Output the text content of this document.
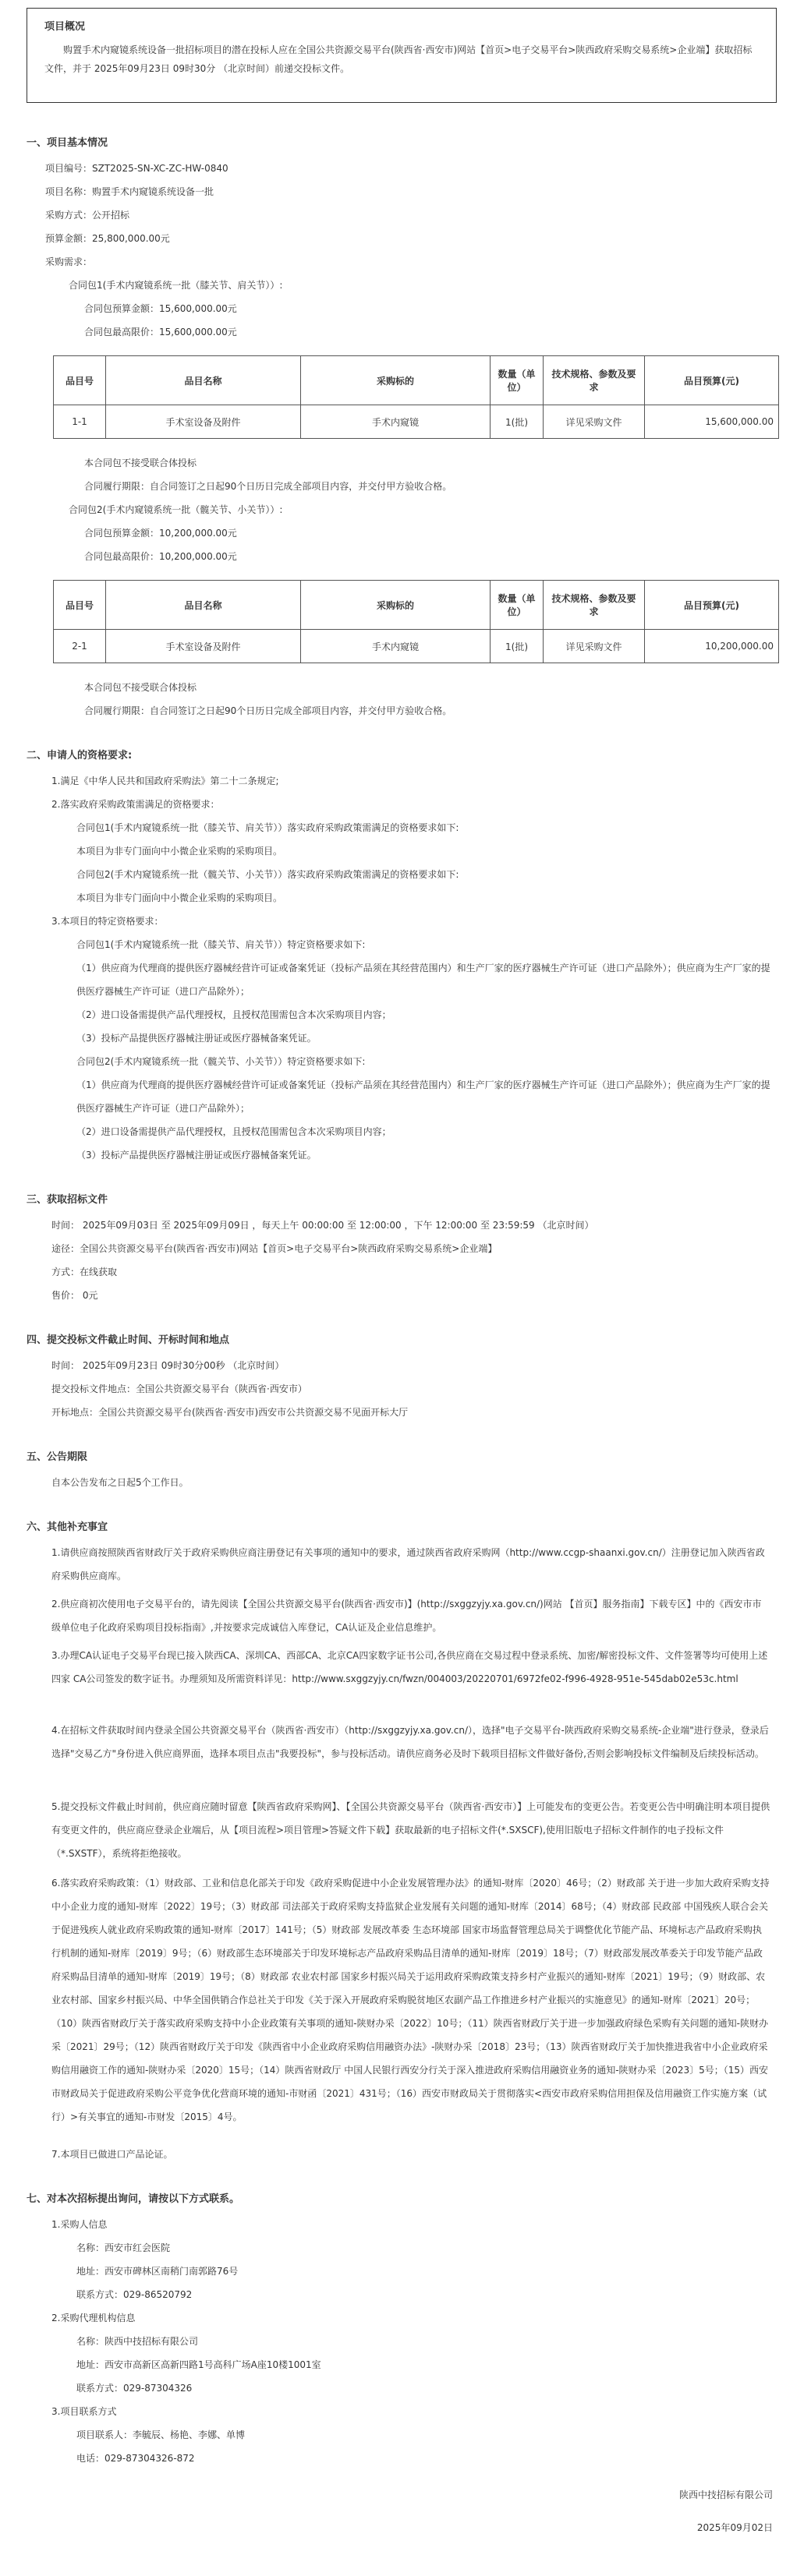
项目概况

购置手术内窥镜系统设备一批招标项目的潜在投标人应在全国公共资源交易平台(陕西省·西安市)网站【首页>电子交易平台>陕西政府采购交易系统>企业端】获取招标文件，并于 2025年09月23日 09时30分 （北京时间）前递交投标文件。

一、项目基本情况
项目编号：SZT2025-SN-XC-ZC-HW-0840
项目名称：购置手术内窥镜系统设备一批
采购方式：公开招标
预算金额：25,800,000.00元
采购需求：
合同包1(手术内窥镜系统一批（膝关节、肩关节））:
合同包预算金额：15,600,000.00元
合同包最高限价：15,600,000.00元
品目号	品目名称	采购标的	数量（单位）	技术规格、参数及要求	品目预算(元)
1-1	手术室设备及附件	手术内窥镜	1(批)	详见采购文件	15,600,000.00
本合同包不接受联合体投标
合同履行期限：自合同签订之日起90个日历日完成全部项目内容，并交付甲方验收合格。
合同包2(手术内窥镜系统一批（髋关节、小关节））:
合同包预算金额：10,200,000.00元
合同包最高限价：10,200,000.00元
品目号	品目名称	采购标的	数量（单位）	技术规格、参数及要求	品目预算(元)
2-1	手术室设备及附件	手术内窥镜	1(批)	详见采购文件	10,200,000.00
本合同包不接受联合体投标
合同履行期限：自合同签订之日起90个日历日完成全部项目内容，并交付甲方验收合格。
二、申请人的资格要求:
1.满足《中华人民共和国政府采购法》第二十二条规定;
2.落实政府采购政策需满足的资格要求：
合同包1(手术内窥镜系统一批（膝关节、肩关节））落实政府采购政策需满足的资格要求如下:
本项目为非专门面向中小微企业采购的采购项目。
合同包2(手术内窥镜系统一批（髋关节、小关节））落实政府采购政策需满足的资格要求如下:
本项目为非专门面向中小微企业采购的采购项目。
3.本项目的特定资格要求：
合同包1(手术内窥镜系统一批（膝关节、肩关节））特定资格要求如下:
（1）供应商为代理商的提供医疗器械经营许可证或备案凭证（投标产品须在其经营范围内）和生产厂家的医疗器械生产许可证（进口产品除外）；供应商为生产厂家的提供医疗器械生产许可证（进口产品除外）；
（2）进口设备需提供产品代理授权，且授权范围需包含本次采购项目内容；
（3）投标产品提供医疗器械注册证或医疗器械备案凭证。
合同包2(手术内窥镜系统一批（髋关节、小关节））特定资格要求如下:
（1）供应商为代理商的提供医疗器械经营许可证或备案凭证（投标产品须在其经营范围内）和生产厂家的医疗器械生产许可证（进口产品除外）；供应商为生产厂家的提供医疗器械生产许可证（进口产品除外）；
（2）进口设备需提供产品代理授权，且授权范围需包含本次采购项目内容；
（3）投标产品提供医疗器械注册证或医疗器械备案凭证。
三、获取招标文件
时间： 2025年09月03日 至 2025年09月09日 ，每天上午 00:00:00 至 12:00:00 ，下午 12:00:00 至 23:59:59 （北京时间）
途径：全国公共资源交易平台(陕西省·西安市)网站【首页>电子交易平台>陕西政府采购交易系统>企业端】
方式：在线获取
售价： 0元
四、提交投标文件截止时间、开标时间和地点
时间： 2025年09月23日 09时30分00秒 （北京时间）
提交投标文件地点：全国公共资源交易平台（陕西省·西安市）
开标地点：全国公共资源交易平台(陕西省·西安市)西安市公共资源交易不见面开标大厅
五、公告期限
自本公告发布之日起5个工作日。
六、其他补充事宜
1.请供应商按照陕西省财政厅关于政府采购供应商注册登记有关事项的通知中的要求，通过陕西省政府采购网（http://www.ccgp-shaanxi.gov.cn/）注册登记加入陕西省政府采购供应商库。
2.供应商初次使用电子交易平台的，请先阅读【全国公共资源交易平台(陕西省·西安市)】(http://sxggzyjy.xa.gov.cn/)网站 【首页】服务指南】下载专区】中的《西安市市级单位电子化政府采购项目投标指南》,并按要求完成诚信入库登记，CA认证及企业信息维护。
3.办理CA认证电子交易平台现已接入陕西CA、深圳CA、西部CA、北京CA四家数字证书公司,各供应商在交易过程中登录系统、加密/解密投标文件、文件签署等均可使用上述四家 CA公司签发的数字证书。办理须知及所需资料详见：http://www.sxggzyjy.cn/fwzn/004003/20220701/6972fe02-f996-4928-951e-545dab02e53c.html
4.在招标文件获取时间内登录全国公共资源交易平台（陕西省·西安市）（http://sxggzyjy.xa.gov.cn/），选择"电子交易平台-陕西政府采购交易系统-企业端"进行登录，登录后选择"交易乙方"身份进入供应商界面，选择本项目点击"我要投标"，参与投标活动。请供应商务必及时下载项目招标文件做好备份,否则会影响投标文件编制及后续投标活动。
5.提交投标文件截止时间前，供应商应随时留意【陕西省政府采购网】、【全国公共资源交易平台（陕西省·西安市）】上可能发布的变更公告。若变更公告中明确注明本项目提供有变更文件的，供应商应登录企业端后，从【项目流程>项目管理>答疑文件下载】获取最新的电子招标文件(*.SXSCF),使用旧版电子招标文件制作的电子投标文件（*.SXSTF），系统将拒绝接收。
6.落实政府采购政策：（1）财政部、工业和信息化部关于印发《政府采购促进中小企业发展管理办法》的通知-财库〔2020〕46号；（2）财政部 关于进一步加大政府采购支持中小企业力度的通知-财库〔2022〕19号；（3）财政部 司法部关于政府采购支持监狱企业发展有关问题的通知-财库〔2014〕68号；（4）财政部 民政部 中国残疾人联合会关于促进残疾人就业政府采购政策的通知-财库〔2017〕141号；（5）财政部 发展改革委 生态环境部 国家市场监督管理总局关于调整优化节能产品、环境标志产品政府采购执行机制的通知-财库〔2019〕9号；（6）财政部生态环境部关于印发环境标志产品政府采购品目清单的通知-财库〔2019〕18号；（7）财政部发展改革委关于印发节能产品政府采购品目清单的通知-财库〔2019〕19号；（8）财政部 农业农村部 国家乡村振兴局关于运用政府采购政策支持乡村产业振兴的通知-财库〔2021〕19号；（9）财政部、农业农村部、国家乡村振兴局、中华全国供销合作总社关于印发《关于深入开展政府采购脱贫地区农副产品工作推进乡村产业振兴的实施意见》的通知-财库〔2021〕20号；（10）陕西省财政厅关于落实政府采购支持中小企业政策有关事项的通知-陕财办采〔2022〕10号；（11）陕西省财政厅关于进一步加强政府绿色采购有关问题的通知-陕财办采〔2021〕29号；（12）陕西省财政厅关于印发《陕西省中小企业政府采购信用融资办法》-陕财办采〔2018〕23号；（13）陕西省财政厅关于加快推进我省中小企业政府采购信用融资工作的通知-陕财办采〔2020〕15号；（14）陕西省财政厅 中国人民银行西安分行关于深入推进政府采购信用融资业务的通知-陕财办采〔2023〕5号；（15）西安市财政局关于促进政府采购公平竞争优化营商环境的通知-市财函〔2021〕431号；（16）西安市财政局关于贯彻落实<西安市政府采购信用担保及信用融资工作实施方案（试行）>有关事宜的通知-市财发〔2015〕4号。
7.本项目已做进口产品论证。
七、对本次招标提出询问，请按以下方式联系。
1.采购人信息
名称：西安市红会医院
地址：西安市碑林区南稍门南郭路76号
联系方式：029-86520792
2.采购代理机构信息
名称：陕西中技招标有限公司
地址：西安市高新区高新四路1号高科广场A座10楼1001室
联系方式：029-87304326
3.项目联系方式
项目联系人：李毓辰、杨艳、李娜、单博
电话：029-87304326-872
陕西中技招标有限公司
2025年09月02日
